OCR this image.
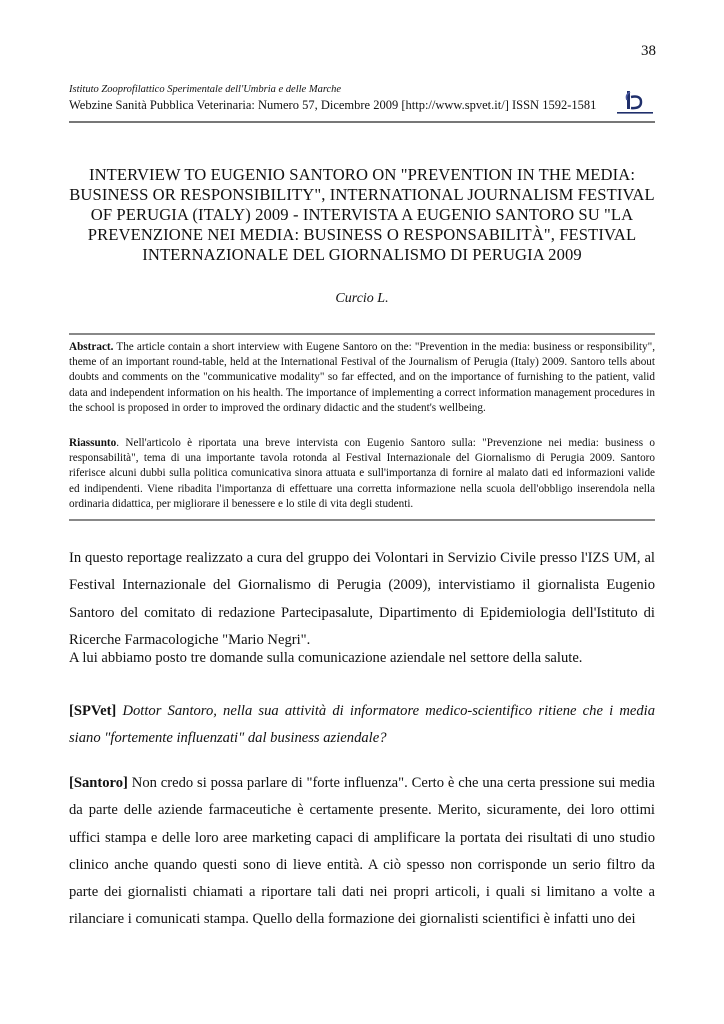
38
Istituto Zooprofilattico Sperimentale dell'Umbria e delle Marche
Webzine Sanità Pubblica Veterinaria: Numero 57, Dicembre 2009 [http://www.spvet.it/] ISSN 1592-1581
INTERVIEW TO EUGENIO SANTORO ON "PREVENTION IN THE MEDIA: BUSINESS OR RESPONSIBILITY", INTERNATIONAL JOURNALISM FESTIVAL OF PERUGIA (ITALY) 2009 - INTERVISTA A EUGENIO SANTORO SU "LA PREVENZIONE NEI MEDIA: BUSINESS O RESPONSABILITÀ", FESTIVAL INTERNAZIONALE DEL GIORNALISMO DI PERUGIA 2009
Curcio L.
Abstract. The article contain a short interview with Eugene Santoro on the: "Prevention in the media: business or responsibility", theme of an important round-table, held at the International Festival of the Journalism of Perugia (Italy) 2009. Santoro tells about doubts and comments on the "communicative modality" so far effected, and on the importance of furnishing to the patient, valid data and independent information on his health. The importance of implementing a correct information management procedures in the school is proposed in order to improved the ordinary didactic and the student's wellbeing.
Riassunto. Nell'articolo è riportata una breve intervista con Eugenio Santoro sulla: "Prevenzione nei media: business o responsabilità", tema di una importante tavola rotonda al Festival Internazionale del Giornalismo di Perugia 2009. Santoro riferisce alcuni dubbi sulla politica comunicativa sinora attuata e sull'importanza di fornire al malato dati ed informazioni valide ed indipendenti. Viene ribadita l'importanza di effettuare una corretta informazione nella scuola dell'obbligo inserendola nella ordinaria didattica, per migliorare il benessere e lo stile di vita degli studenti.
In questo reportage realizzato a cura del gruppo dei Volontari in Servizio Civile presso l'IZS UM, al Festival Internazionale del Giornalismo di Perugia (2009), intervistiamo il giornalista Eugenio Santoro del comitato di redazione Partecipasalute, Dipartimento di Epidemiologia dell'Istituto di Ricerche Farmacologiche "Mario Negri".
A lui abbiamo posto tre domande sulla comunicazione aziendale nel settore della salute.
[SPVet] Dottor Santoro, nella sua attività di informatore medico-scientifico ritiene che i media siano "fortemente influenzati" dal business aziendale?
[Santoro] Non credo si possa parlare di "forte influenza". Certo è che una certa pressione sui media da parte delle aziende farmaceutiche è certamente presente. Merito, sicuramente, dei loro ottimi uffici stampa e delle loro aree marketing capaci di amplificare la portata dei risultati di uno studio clinico anche quando questi sono di lieve entità. A ciò spesso non corrisponde un serio filtro da parte dei giornalisti chiamati a riportare tali dati nei propri articoli, i quali si limitano a volte a rilanciare i comunicati stampa. Quello della formazione dei giornalisti scientifici è infatti uno dei
